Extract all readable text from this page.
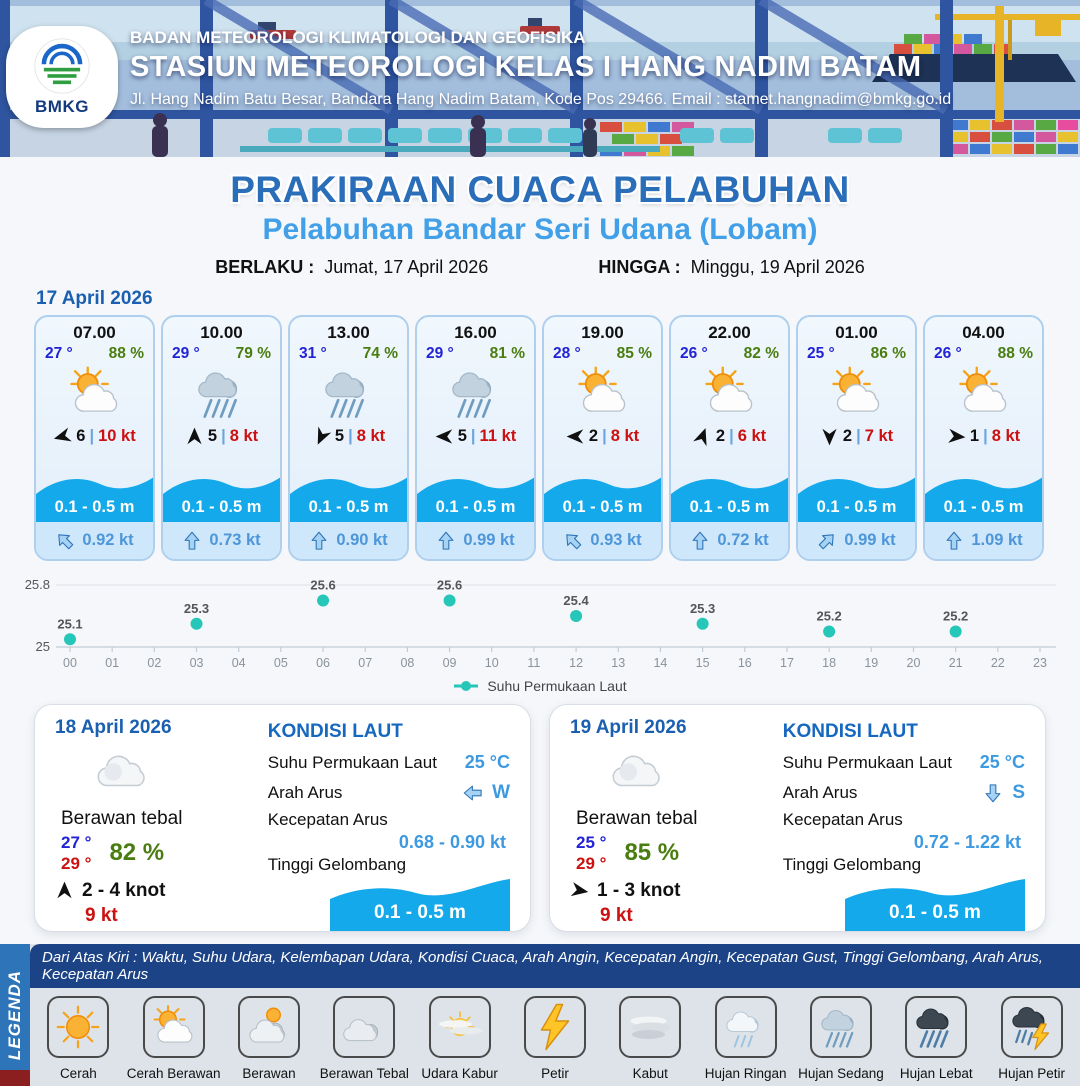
BMKG
BADAN METEOROLOGI KLIMATOLOGI DAN GEOFISIKA
STASIUN METEOROLOGI KELAS I HANG NADIM BATAM
Jl. Hang Nadim Batu Besar, Bandara Hang Nadim Batam, Kode Pos 29466. Email : stamet.hangnadim@bmkg.go.id
PRAKIRAAN CUACA PELABUHAN
Pelabuhan Bandar Seri Udana (Lobam)
BERLAKU : Jumat, 17 April 2026	HINGGA : Minggu, 19 April 2026
17 April 2026
07.00
27 ° 88 %
6 | 10 kt
0.1 - 0.5 m
0.92 kt
10.00
29 ° 79 %
5 | 8 kt
0.1 - 0.5 m
0.73 kt
13.00
31 ° 74 %
5 | 8 kt
0.1 - 0.5 m
0.90 kt
16.00
29 ° 81 %
5 | 11 kt
0.1 - 0.5 m
0.99 kt
19.00
28 ° 85 %
2 | 8 kt
0.1 - 0.5 m
0.93 kt
22.00
26 ° 82 %
2 | 6 kt
0.1 - 0.5 m
0.72 kt
01.00
25 ° 86 %
2 | 7 kt
0.1 - 0.5 m
0.99 kt
04.00
26 ° 88 %
1 | 8 kt
0.1 - 0.5 m
1.09 kt
25
25.8
00 01 02 03 04 05 06 07 08 09 10 11 12 13 14 15 16 17 18 19 20 21 22 23
25.1
25.3
25.6	25.6
25.4
25.3
25.2	25.2
Suhu Permukaan Laut
18 April 2026
Berawan tebal
27 °
29 ° 82 %
2 - 4 knot
9 kt
KONDISI LAUT
Suhu Permukaan Laut 25 °C
Arah Arus	W
Kecepatan Arus
0.68 - 0.90 kt
Tinggi Gelombang
0.1 - 0.5 m
19 April 2026
Berawan tebal
25 °
29 ° 85 %
1 - 3 knot
9 kt
KONDISI LAUT
Suhu Permukaan Laut 25 °C
Arah Arus	S
Kecepatan Arus
0.72 - 1.22 kt
Tinggi Gelombang
0.1 - 0.5 m
LEGENDA
Dari Atas Kiri : Waktu, Suhu Udara, Kelembapan Udara, Kondisi Cuaca, Arah Angin, Kecepatan Angin, Kecepatan Gust, Tinggi Gelombang, Arah Arus, Kecepatan Arus
Cerah Cerah Berawan Berawan Berawan Tebal Udara Kabur	Petir	Kabut	Hujan Ringan Hujan Sedang Hujan Lebat Hujan Petir
